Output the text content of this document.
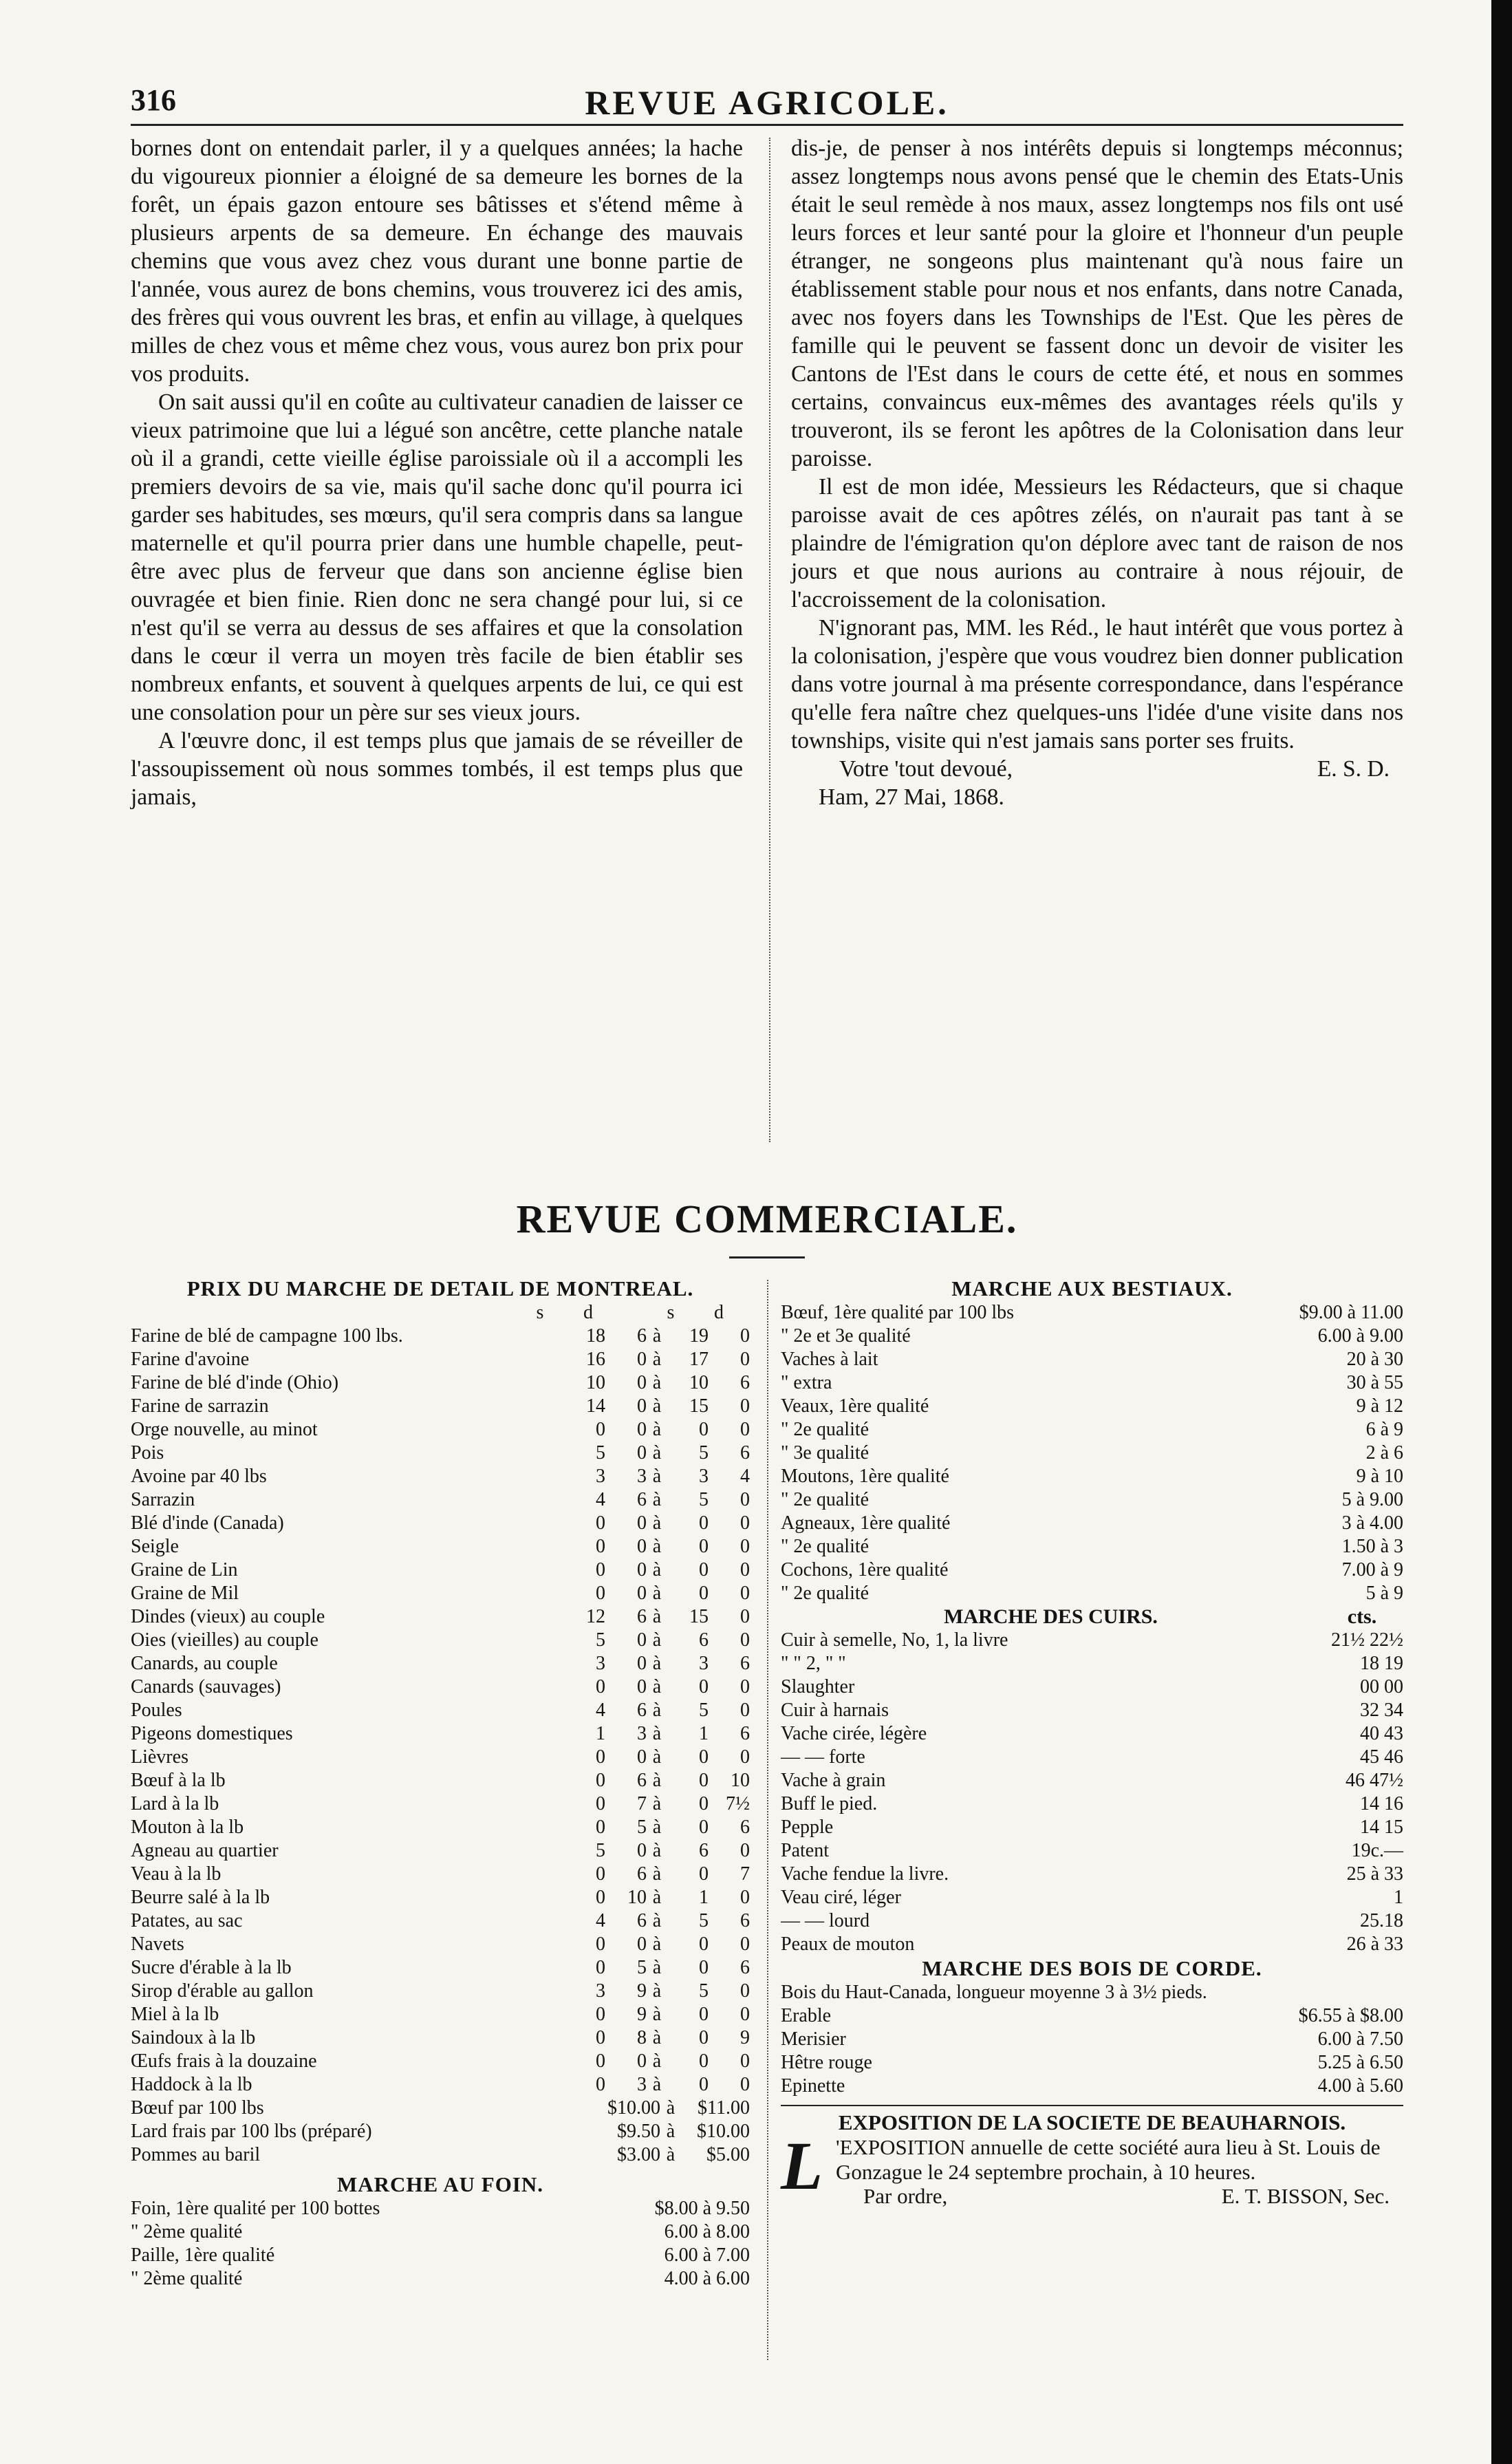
316	REVUE AGRICOLE.

bornes dont on entendait parler, il y a quelques années; la hache du vigoureux pionnier a éloigné de sa demeure les bornes de la forêt, un épais gazon entoure ses bâtisses et s'étend même à plusieurs arpents de sa demeure. En échange des mauvais chemins que vous avez chez vous durant une bonne partie de l'année, vous aurez de bons chemins, vous trouverez ici des amis, des frères qui vous ouvrent les bras, et enfin au village, à quelques milles de chez vous et même chez vous, vous aurez bon prix pour vos produits.

On sait aussi qu'il en coûte au cultivateur canadien de laisser ce vieux patrimoine que lui a légué son ancêtre, cette planche natale où il a grandi, cette vieille église paroissiale où il a accompli les premiers devoirs de sa vie, mais qu'il sache donc qu'il pourra ici garder ses habitudes, ses mœurs, qu'il sera compris dans sa langue maternelle et qu'il pourra prier dans une humble chapelle, peut-être avec plus de ferveur que dans son ancienne église bien ouvragée et bien finie. Rien donc ne sera changé pour lui, si ce n'est qu'il se verra au dessus de ses affaires et que la consolation dans le cœur il verra un moyen très facile de bien établir ses nombreux enfants, et souvent à quelques arpents de lui, ce qui est une consolation pour un père sur ses vieux jours.

A l'œuvre donc, il est temps plus que jamais de se réveiller de l'assoupissement où nous sommes tombés, il est temps plus que jamais,

dis-je, de penser à nos intérêts depuis si longtemps méconnus; assez longtemps nous avons pensé que le chemin des Etats-Unis était le seul remède à nos maux, assez longtemps nos fils ont usé leurs forces et leur santé pour la gloire et l'honneur d'un peuple étranger, ne songeons plus maintenant qu'à nous faire un établissement stable pour nous et nos enfants, dans notre Canada, avec nos foyers dans les Townships de l'Est. Que les pères de famille qui le peuvent se fassent donc un devoir de visiter les Cantons de l'Est dans le cours de cette été, et nous en sommes certains, convaincus eux-mêmes des avantages réels qu'ils y trouveront, ils se feront les apôtres de la Colonisation dans leur paroisse.

Il est de mon idée, Messieurs les Rédacteurs, que si chaque paroisse avait de ces apôtres zélés, on n'aurait pas tant à se plaindre de l'émigration qu'on déplore avec tant de raison de nos jours et que nous aurions au contraire à nous réjouir, de l'accroissement de la colonisation.

N'ignorant pas, MM. les Réd., le haut intérêt que vous portez à la colonisation, j'espère que vous voudrez bien donner publication dans votre journal à ma présente correspondance, dans l'espérance qu'elle fera naître chez quelques-uns l'idée d'une visite dans nos townships, visite qui n'est jamais sans porter ses fruits.

Votre 'tout devoué,	E. S. D.

Ham, 27 Mai, 1868.

REVUE COMMERCIALE.
PRIX DU MARCHE DE DETAIL DE MONTREAL.
s	d	s	d
Farine de blé de campagne 100 lbs.	18	6 à	19	0
Farine d'avoine	16	0 à	17	0
Farine de blé d'inde (Ohio)	10	0 à	10	6
Farine de sarrazin	14	0 à	15	0
Orge nouvelle, au minot	0	0 à	0	0
Pois	5	0 à	5	6
Avoine par 40 lbs	3	3 à	3	4
Sarrazin	4	6 à	5	0
Blé d'inde (Canada)	0	0 à	0	0
Seigle	0	0 à	0	0
Graine de Lin	0	0 à	0	0
Graine de Mil	0	0 à	0	0
Dindes (vieux) au couple	12	6 à	15	0
Oies (vieilles) au couple	5	0 à	6	0
Canards, au couple	3	0 à	3	6
Canards (sauvages)	0	0 à	0	0
Poules	4	6 à	5	0
Pigeons domestiques	1	3 à	1	6
Lièvres	0	0 à	0	0
Bœuf à la lb	0	6 à	0	10
Lard à la lb	0	7 à	0 7½
Mouton à la lb	0	5 à	0	6
Agneau au quartier	5	0 à	6	0
Veau à la lb	0	6 à	0	7
Beurre salé à la lb	0	10 à	1	0
Patates, au sac	4	6 à	5	6
Navets	0	0 à	0	0
Sucre d'érable à la lb	0	5 à	0	6
Sirop d'érable au gallon	3	9 à	5	0
Miel à la lb	0	9 à	0	0
Saindoux à la lb	0	8 à	0	9
Œufs frais à la douzaine	0	0 à	0	0
Haddock à la lb	0	3 à	0	0
Bœuf par 100 lbs	$10.00 à	$11.00
Lard frais par 100 lbs (préparé)	$9.50 à	$10.00
Pommes au baril	$3.00 à	$5.00
MARCHE AU FOIN.
Foin, 1ère qualité per 100 bottes	$8.00 à 9.50
" 2ème qualité	6.00 à 8.00
Paille, 1ère qualité	6.00 à 7.00
" 2ème qualité	4.00 à 6.00
MARCHE AUX BESTIAUX.
Bœuf, 1ère qualité par 100 lbs	$9.00 à 11.00
" 2e et 3e qualité	6.00 à 9.00
Vaches à lait	20 à 30
" extra	30 à 55
Veaux, 1ère qualité	9 à 12
" 2e qualité	6 à 9
" 3e qualité	2 à 6
Moutons, 1ère qualité	9 à 10
" 2e qualité	5 à 9.00
Agneaux, 1ère qualité	3 à 4.00
" 2e qualité	1.50 à 3
Cochons, 1ère qualité	7.00 à 9
" 2e qualité	5 à 9
MARCHE DES CUIRS.	cts.
Cuir à semelle, No, 1, la livre	21½ 22½
" " 2, " "	18 19
Slaughter	00 00
Cuir à harnais	32 34
Vache cirée, légère	40 43
— — forte	45 46
Vache à grain	46 47½
Buff le pied.	14 16
Pepple	14 15
Patent	19c.—
Vache fendue la livre.	25 à 33
Veau ciré, léger	1
— — lourd	25.18
Peaux de mouton	26 à 33
MARCHE DES BOIS DE CORDE.
Bois du Haut-Canada, longueur moyenne 3 à 3½ pieds.
Erable	$6.55 à $8.00
Merisier	6.00 à 7.50
Hêtre rouge	5.25 à 6.50
Epinette	4.00 à 5.60
EXPOSITION DE LA SOCIETE DE BEAUHARNOIS.
L 'EXPOSITION annuelle de cette société aura lieu à St. Louis de Gonzague le 24 septembre prochain, à 10 heures.
Par ordre,	E. T. BISSON, Sec.
